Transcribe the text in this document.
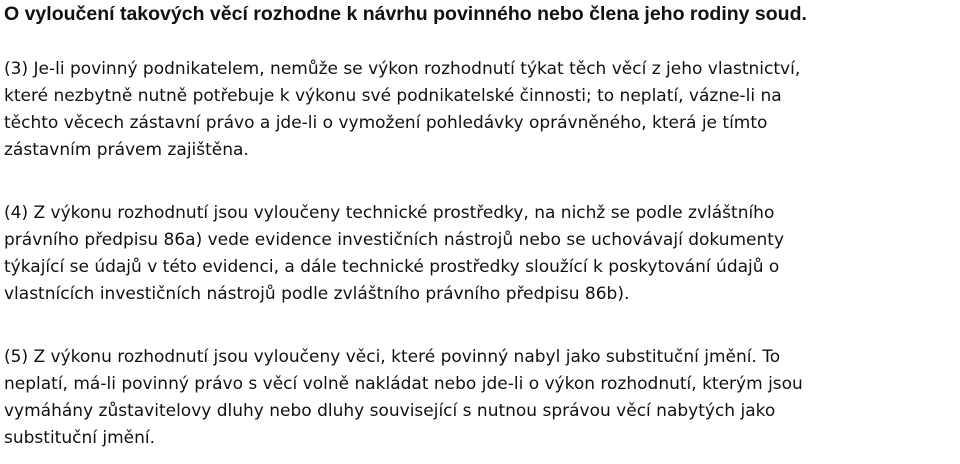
O vyloučení takových věcí rozhodne k návrhu povinného nebo člena jeho rodiny soud.

(3) Je-li povinný podnikatelem, nemůže se výkon rozhodnutí týkat těch věcí z jeho vlastnictví,
které nezbytně nutně potřebuje k výkonu své podnikatelské činnosti; to neplatí, vázne-li na
těchto věcech zástavní právo a jde-li o vymožení pohledávky oprávněného, která je tímto
zástavním právem zajištěna.

(4) Z výkonu rozhodnutí jsou vyloučeny technické prostředky, na nichž se podle zvláštního
právního předpisu 86a) vede evidence investičních nástrojů nebo se uchovávají dokumenty
týkající se údajů v této evidenci, a dále technické prostředky sloužící k poskytování údajů o
vlastnících investičních nástrojů podle zvláštního právního předpisu 86b).

(5) Z výkonu rozhodnutí jsou vyloučeny věci, které povinný nabyl jako substituční jmění. To
neplatí, má-li povinný právo s věcí volně nakládat nebo jde-li o výkon rozhodnutí, kterým jsou
vymáhány zůstavitelovy dluhy nebo dluhy související s nutnou správou věcí nabytých jako
substituční jmění.
